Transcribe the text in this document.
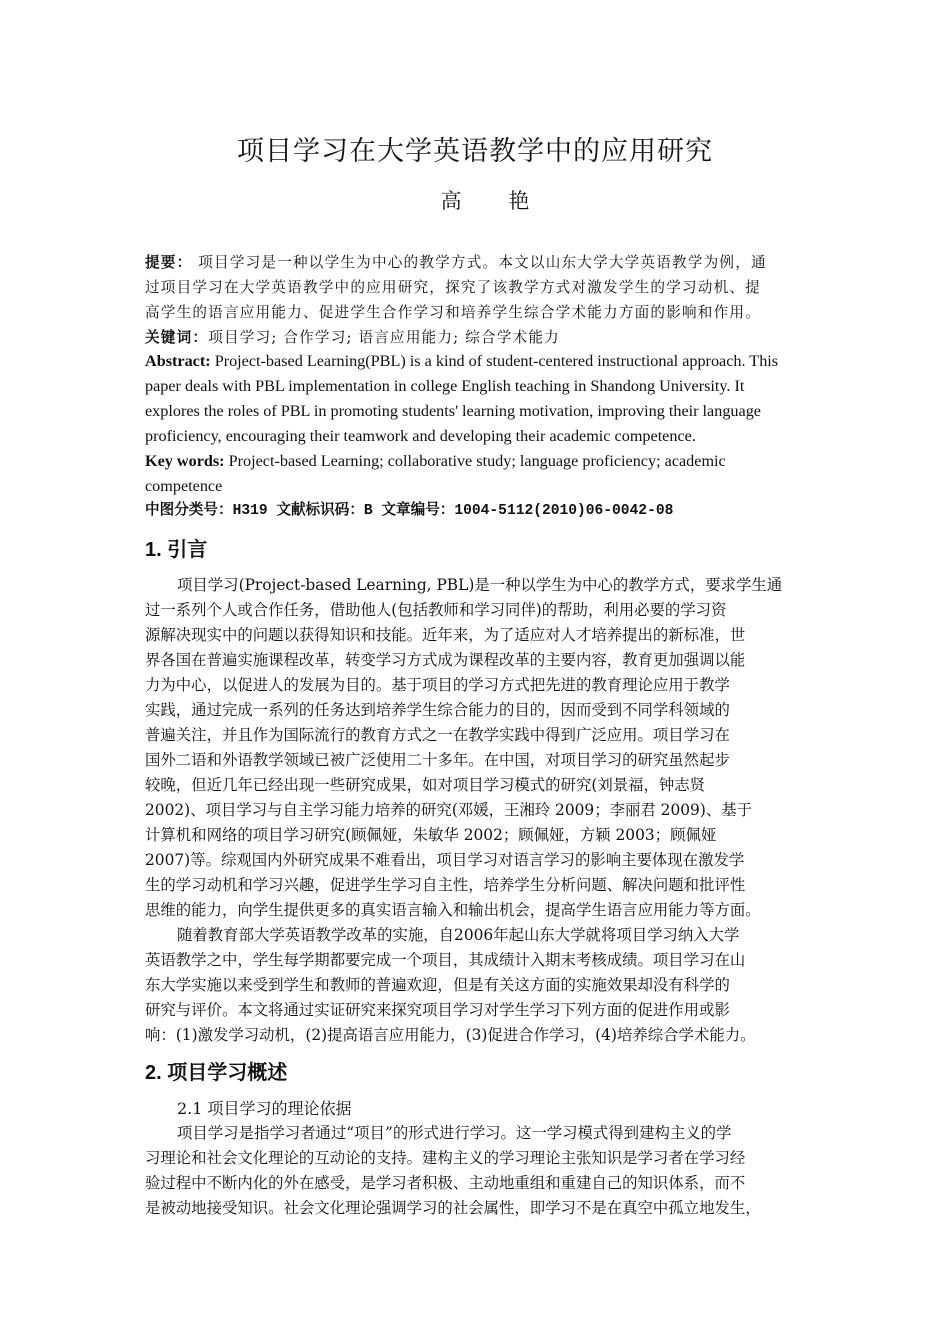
项目学习在大学英语教学中的应用研究
高 艳
提要： 项目学习是一种以学生为中心的教学方式。本文以山东大学大学英语教学为例，通
过项目学习在大学英语教学中的应用研究，探究了该教学方式对激发学生的学习动机、提
高学生的语言应用能力、促进学生合作学习和培养学生综合学术能力方面的影响和作用。
关键词：项目学习; 合作学习; 语言应用能力; 综合学术能力
Abstract: Project-based Learning(PBL) is a kind of student-centered instructional approach. This
paper deals with PBL implementation in college English teaching in Shandong University. It
explores the roles of PBL in promoting students' learning motivation, improving their language
proficiency, encouraging their teamwork and developing their academic competence.
Key words: Project-based Learning; collaborative study; language proficiency; academic
competence
中图分类号：H319 文献标识码：B 文章编号：1004-5112(2010)06-0042-08
1. 引言
项目学习(Project-based Learning, PBL)是一种以学生为中心的教学方式，要求学生通
过一系列个人或合作任务，借助他人(包括教师和学习同伴)的帮助，利用必要的学习资
源解决现实中的问题以获得知识和技能。近年来，为了适应对人才培养提出的新标准，世
界各国在普遍实施课程改革，转变学习方式成为课程改革的主要内容，教育更加强调以能
力为中心，以促进人的发展为目的。基于项目的学习方式把先进的教育理论应用于教学
实践，通过完成一系列的任务达到培养学生综合能力的目的，因而受到不同学科领域的
普遍关注，并且作为国际流行的教育方式之一在教学实践中得到广泛应用。项目学习在
国外二语和外语教学领域已被广泛使用二十多年。在中国，对项目学习的研究虽然起步
较晚，但近几年已经出现一些研究成果，如对项目学习模式的研究(刘景福，钟志贤
2002)、项目学习与自主学习能力培养的研究(邓媛，王湘玲 2009；李丽君 2009)、基于
计算机和网络的项目学习研究(顾佩娅，朱敏华 2002；顾佩娅，方颖 2003；顾佩娅
2007)等。综观国内外研究成果不难看出，项目学习对语言学习的影响主要体现在激发学
生的学习动机和学习兴趣，促进学生学习自主性，培养学生分析问题、解决问题和批评性
思维的能力，向学生提供更多的真实语言输入和输出机会，提高学生语言应用能力等方面。
随着教育部大学英语教学改革的实施，自2006年起山东大学就将项目学习纳入大学
英语教学之中，学生每学期都要完成一个项目，其成绩计入期末考核成绩。项目学习在山
东大学实施以来受到学生和教师的普遍欢迎，但是有关这方面的实施效果却没有科学的
研究与评价。本文将通过实证研究来探究项目学习对学生学习下列方面的促进作用或影
响：(1)激发学习动机，(2)提高语言应用能力，(3)促进合作学习，(4)培养综合学术能力。
2. 项目学习概述
2.1 项目学习的理论依据
项目学习是指学习者通过“项目”的形式进行学习。这一学习模式得到建构主义的学
习理论和社会文化理论的互动论的支持。建构主义的学习理论主张知识是学习者在学习经
验过程中不断内化的外在感受，是学习者积极、主动地重组和重建自己的知识体系，而不
是被动地接受知识。社会文化理论强调学习的社会属性，即学习不是在真空中孤立地发生，
